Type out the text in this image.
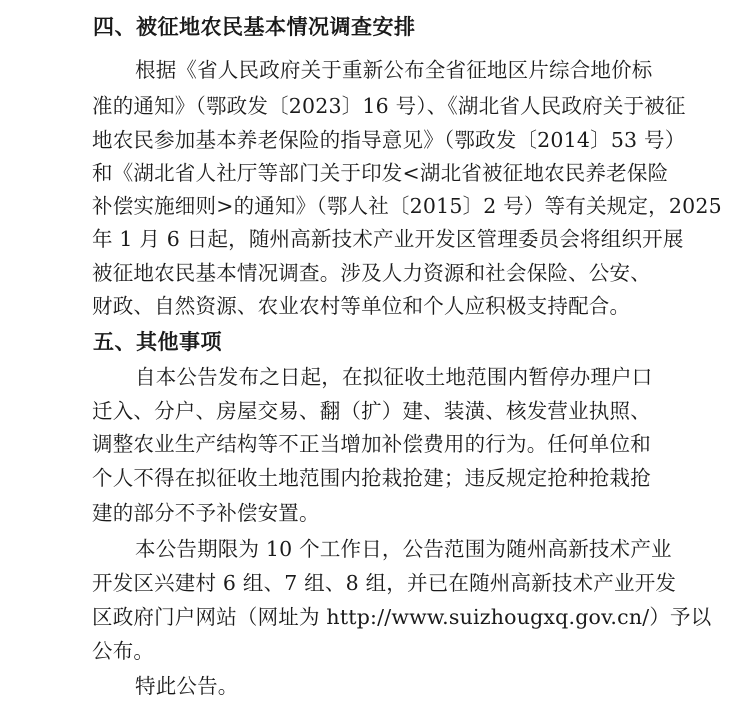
四、被征地农民基本情况调查安排
根据《省人民政府关于重新公布全省征地区片综合地价标
准的通知》（鄂政发〔2023〕16 号）、《湖北省人民政府关于被征
地农民参加基本养老保险的指导意见》（鄂政发〔2014〕53 号）
和《湖北省人社厅等部门关于印发<湖北省被征地农民养老保险
补偿实施细则>的通知》（鄂人社〔2015〕2 号）等有关规定，2025
年 1 月 6 日起，随州高新技术产业开发区管理委员会将组织开展
被征地农民基本情况调查。涉及人力资源和社会保险、公安、
财政、自然资源、农业农村等单位和个人应积极支持配合。
五、其他事项
自本公告发布之日起，在拟征收土地范围内暂停办理户口
迁入、分户、房屋交易、翻（扩）建、装潢、核发营业执照、
调整农业生产结构等不正当增加补偿费用的行为。任何单位和
个人不得在拟征收土地范围内抢栽抢建；违反规定抢种抢栽抢
建的部分不予补偿安置。
本公告期限为 10 个工作日，公告范围为随州高新技术产业
开发区兴建村 6 组、7 组、8 组，并已在随州高新技术产业开发
区政府门户网站（网址为 http://www.suizhougxq.gov.cn/）予以
公布。
特此公告。
